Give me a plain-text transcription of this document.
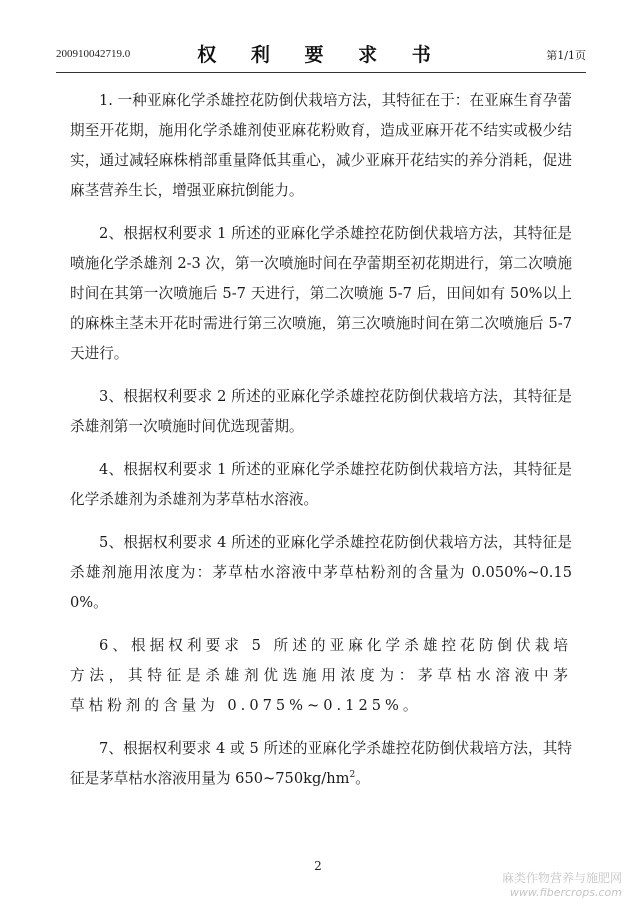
200910042719.0	权 利 要 求 书	第1/1页

1. 一种亚麻化学杀雄控花防倒伏栽培方法，其特征在于：在亚麻生育孕蕾期至开花期，施用化学杀雄剂使亚麻花粉败育，造成亚麻开花不结实或极少结实，通过减轻麻株梢部重量降低其重心，减少亚麻开花结实的养分消耗，促进麻茎营养生长，增强亚麻抗倒能力。

2、根据权利要求 1 所述的亚麻化学杀雄控花防倒伏栽培方法，其特征是喷施化学杀雄剂 2-3 次，第一次喷施时间在孕蕾期至初花期进行，第二次喷施时间在其第一次喷施后 5-7 天进行，第二次喷施 5-7 后，田间如有 50%以上的麻株主茎未开花时需进行第三次喷施，第三次喷施时间在第二次喷施后 5-7 天进行。

3、根据权利要求 2 所述的亚麻化学杀雄控花防倒伏栽培方法，其特征是杀雄剂第一次喷施时间优选现蕾期。

4、根据权利要求 1 所述的亚麻化学杀雄控花防倒伏栽培方法，其特征是化学杀雄剂为杀雄剂为茅草枯水溶液。

5、根据权利要求 4 所述的亚麻化学杀雄控花防倒伏栽培方法，其特征是杀雄剂施用浓度为：茅草枯水溶液中茅草枯粉剂的含量为 0.050%~0.150%。

6、根据权利要求 5 所述的亚麻化学杀雄控花防倒伏栽培方法，其特征是杀雄剂优选施用浓度为：茅草枯水溶液中茅草枯粉剂的含量为 0.075%~0.125%。

7、根据权利要求 4 或 5 所述的亚麻化学杀雄控花防倒伏栽培方法，其特征是茅草枯水溶液用量为 $650\sim 750kg/hm^2$。

2
麻类作物营养与施肥网
www.fibercrops.com
